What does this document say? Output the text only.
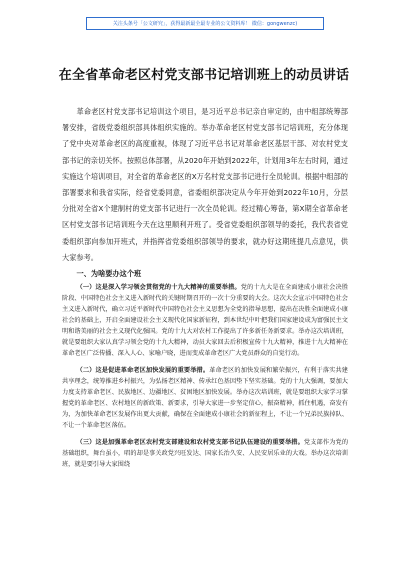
关注头条号「公文研究」，获得最新最全最专业的公文资料库！ 微信：gongwenzc)
在全省革命老区村党支部书记培训班上的动员讲话

革命老区村党支部书记培训这个项目，是习近平总书记亲自审定的，由中组部统筹部署安排，省级党委组织部具体组织实施的。举办革命老区村党支部书记培训班，充分体现了党中央对革命老区的高度重视，体现了习近平总书记对革命老区基层干部、对农村党支部书记的亲切关怀。按照总体部署，从2020年开始到2022年，计划用3年左右时间，通过实施这个培训项目，对全省的革命老区的X万名村党支部书记进行全员轮训。根据中组部的部署要求和我省实际，经省党委同意，省委组织部决定从今年开始到2022年10月，分层分批对全省X个建制村的党支部书记进行一次全员轮训。经过精心筹备，第X期全省革命老区村党支部书记培训班今天在这里顺利开班了。受省党委组织部领导的委托，我代表省党委组织部向参加开班式，并指挥省党委组织部领导的要求，就办好这期班提几点意见，供大家参考。

一、为啥要办这个班

（一）这是深入学习领会贯彻党的十九大精神的重要举措。党的十九大是在全面建成小康社会决胜阶段、中国特色社会主义进入新时代的关键时期召开的一次十分重要的大会。这次大会宣示中国特色社会主义进入新时代，确立习近平新时代中国特色社会主义思想为全党的指导思想，提出在决胜全面建成小康社会的基础上，开启全面建设社会主义现代化国家新征程，到本世纪中叶把我们国家建设成为富强民主文明和谐美丽的社会主义现代化强国。党的十九大对农村工作提出了许多新任务新要求。举办这次培训班，就是要组织大家认真学习领会党的十九大精神，动员大家回去后积极宣传十九大精神，推进十九大精神在革命老区广泛传播、深入人心、家喻户晓，进而变成革命老区广大党员群众的自觉行动。

（二）这是促进革命老区加快发展的重要举措。革命老区的加快发展和繁荣振兴，有利于落实共建共享理念，统筹推进乡村振兴，为弘扬老区精神、传承红色基因垫下坚实基础。党的十九大强调，要加大力度支持革命老区、民族地区、边疆地区、贫困地区加快发展。举办这次培训班，就是要组织大家学习掌握党的革命老区、农村地区的新政策、新要求，引导大家进一步坚定信心，振奋精神，抓住机遇，奋发有为，为加快革命老区发展作出更大贡献，确保在全面建成小康社会的新征程上，不让一个兄弟民族掉队、不让一个革命老区落伍。

（三）这是加强革命老区农村党支部建设和农村党支部书记队伍建设的重要举措。党支部作为党的基础组织，舞台虽小，唱的却是事关政党兴旺发达、国家长治久安、人民安居乐业的大戏。举办这次培训班，就是要引导大家围绕
